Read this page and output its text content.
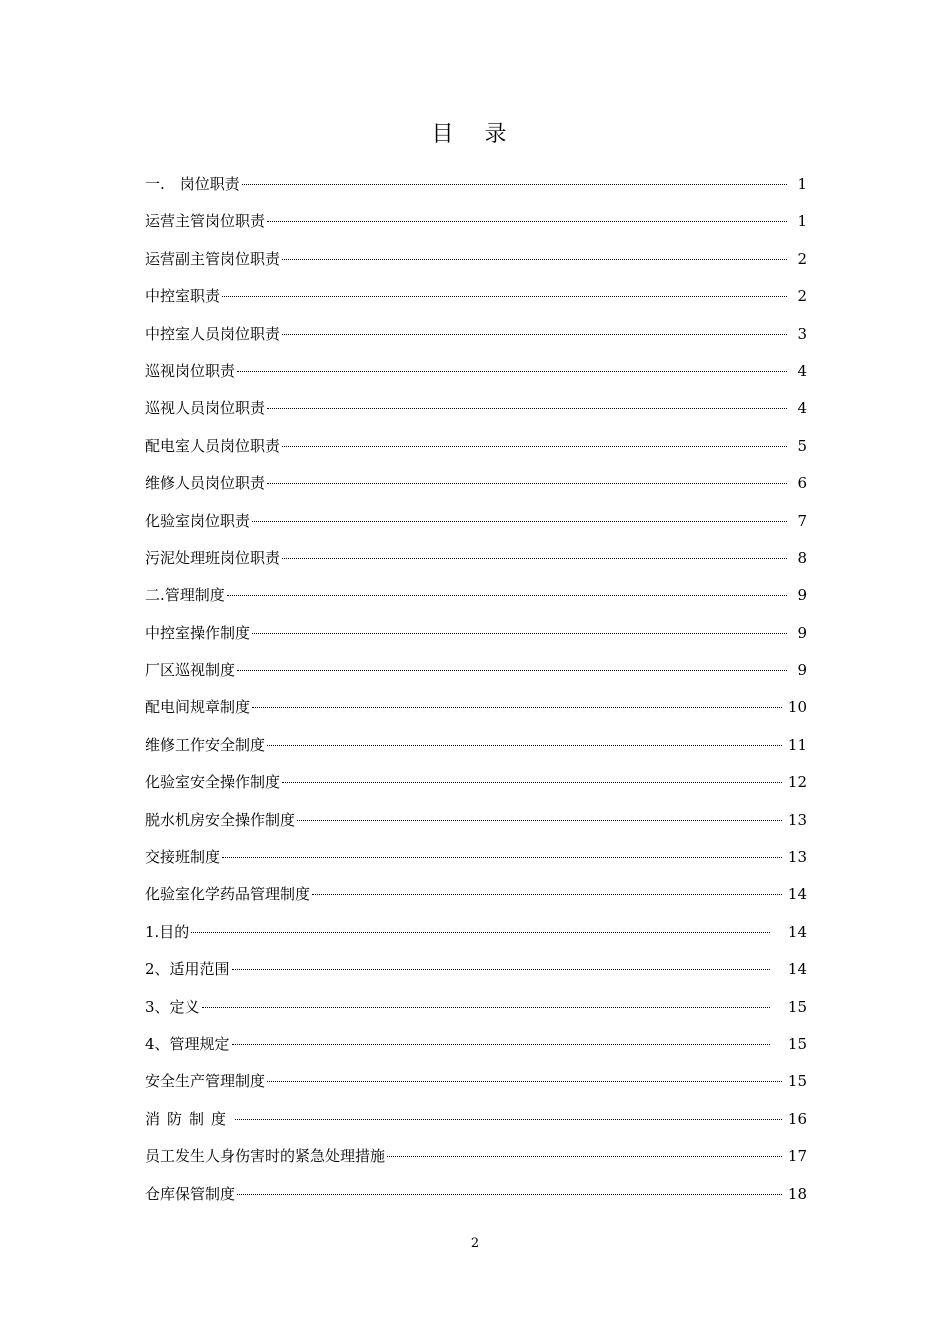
目 录
一.　岗位职责	1
运营主管岗位职责	1
运营副主管岗位职责	2
中控室职责	2
中控室人员岗位职责	3
巡视岗位职责	4
巡视人员岗位职责	4
配电室人员岗位职责	5
维修人员岗位职责	6
化验室岗位职责	7
污泥处理班岗位职责	8
二.管理制度	9
中控室操作制度	9
厂区巡视制度	9
配电间规章制度	10
维修工作安全制度	11
化验室安全操作制度	12
脱水机房安全操作制度	13
交接班制度	13
化验室化学药品管理制度	14
1.目的	14
2、适用范围	14
3、定义	15
4、管理规定	15
安全生产管理制度	15
消防制度	16
员工发生人身伤害时的紧急处理措施	17
仓库保管制度	18
2
